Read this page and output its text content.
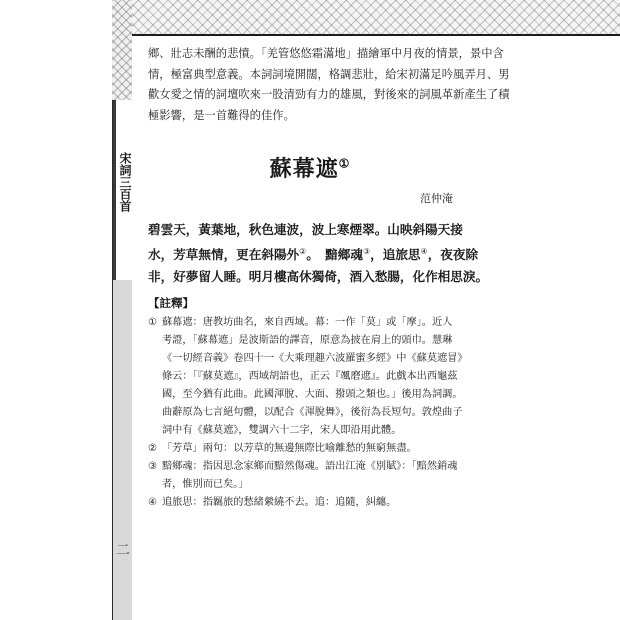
宋詞三百首
二

鄉、壯志未酬的悲憤。「羌管悠悠霜滿地」描繪軍中月夜的情景，景中含

情，極富典型意義。本詞詞境開闊，格調悲壯，給宋初滿足吟風弄月、男

歡女愛之情的詞壇吹來一股清勁有力的雄風，對後來的詞風革新產生了積

極影響，是一首難得的佳作。

蘇幕遮①
范仲淹

碧雲天，黃葉地，秋色連波，波上寒煙翠。山映斜陽天接

水，芳草無情，更在斜陽外②。　黯鄉魂③，追旅思④，夜夜除

非，好夢留人睡。明月樓高休獨倚，酒入愁腸，化作相思淚。

【註釋】
① 蘇幕遮：唐教坊曲名，來自西域。幕：一作「莫」或「摩」。近人

考證，「蘇幕遮」是波斯語的譯音，原意為披在肩上的頭巾。慧琳

《一切經音義》卷四十一《大乘理趣六波羅蜜多經》中《蘇莫遮冒》

條云：「『蘇莫遮』，西域胡語也，正云『颯磨遮』。此戲本出西龜茲

國，至今猶有此曲。此國渾脫、大面、撥頭之類也。」後用為詞調。

曲辭原為七言絕句體，以配合《渾脫舞》，後衍為長短句。敦煌曲子

詞中有《蘇莫遮》，雙調六十二字，宋人即沿用此體。

② 「芳草」兩句：以芳草的無邊無際比喻離愁的無窮無盡。

③ 黯鄉魂：指因思念家鄉而黯然傷魂。語出江淹《別賦》：「黯然銷魂

者，惟別而已矣。」

④ 追旅思：指羈旅的愁緒縈繞不去。追：追隨，糾纏。
